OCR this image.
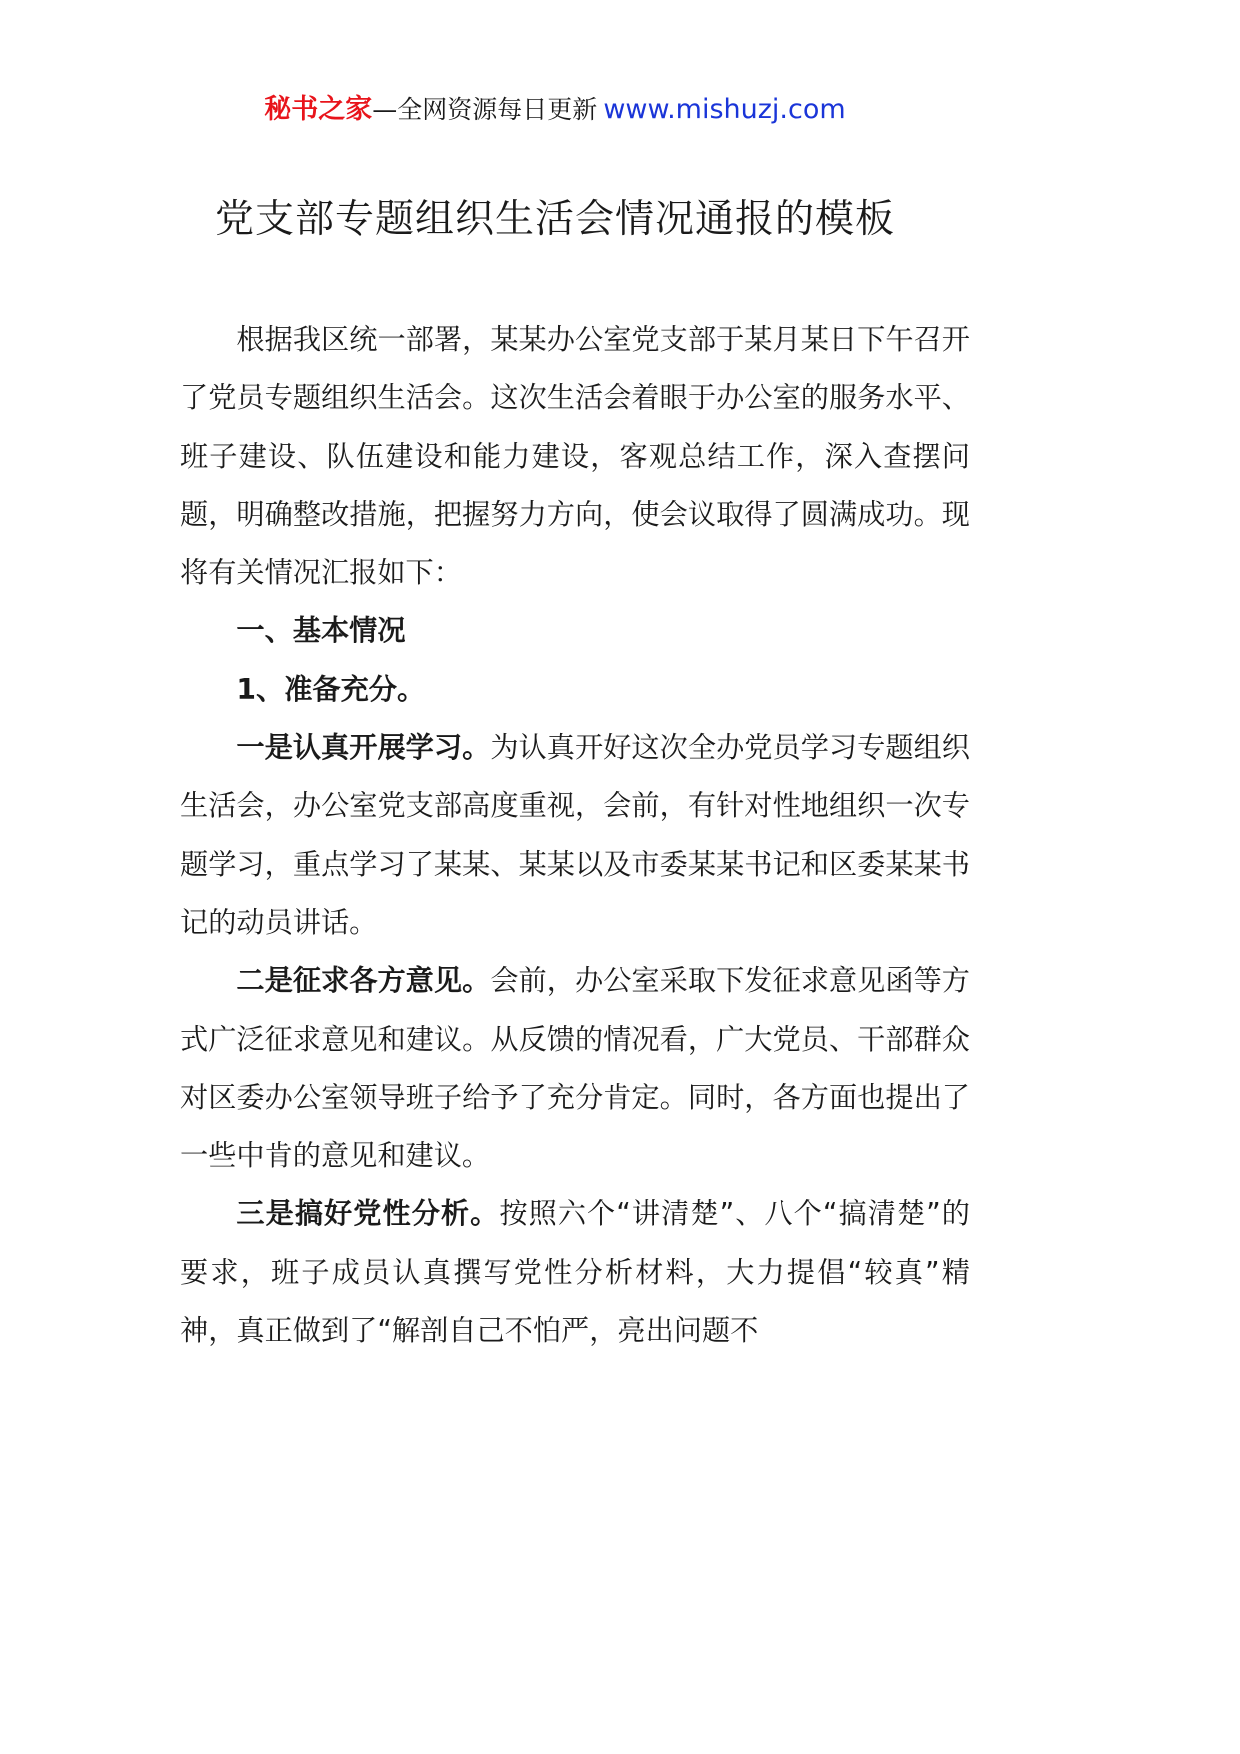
秘书之家—全网资源每日更新 www.mishuzj.com
党支部专题组织生活会情况通报的模板

根据我区统一部署，某某办公室党支部于某月某日下午召开了党员专题组织生活会。这次生活会着眼于办公室的服务水平、班子建设、队伍建设和能力建设，客观总结工作，深入查摆问题，明确整改措施，把握努力方向，使会议取得了圆满成功。现将有关情况汇报如下：

一、基本情况

1、准备充分。

一是认真开展学习。为认真开好这次全办党员学习专题组织生活会，办公室党支部高度重视，会前，有针对性地组织一次专题学习，重点学习了某某、某某以及市委某某书记和区委某某书记的动员讲话。

二是征求各方意见。会前，办公室采取下发征求意见函等方式广泛征求意见和建议。从反馈的情况看，广大党员、干部群众对区委办公室领导班子给予了充分肯定。同时，各方面也提出了一些中肯的意见和建议。

三是搞好党性分析。按照六个“讲清楚”、八个“搞清楚”的要求，班子成员认真撰写党性分析材料，大力提倡“较真”精神，真正做到了“解剖自己不怕严，亮出问题不
